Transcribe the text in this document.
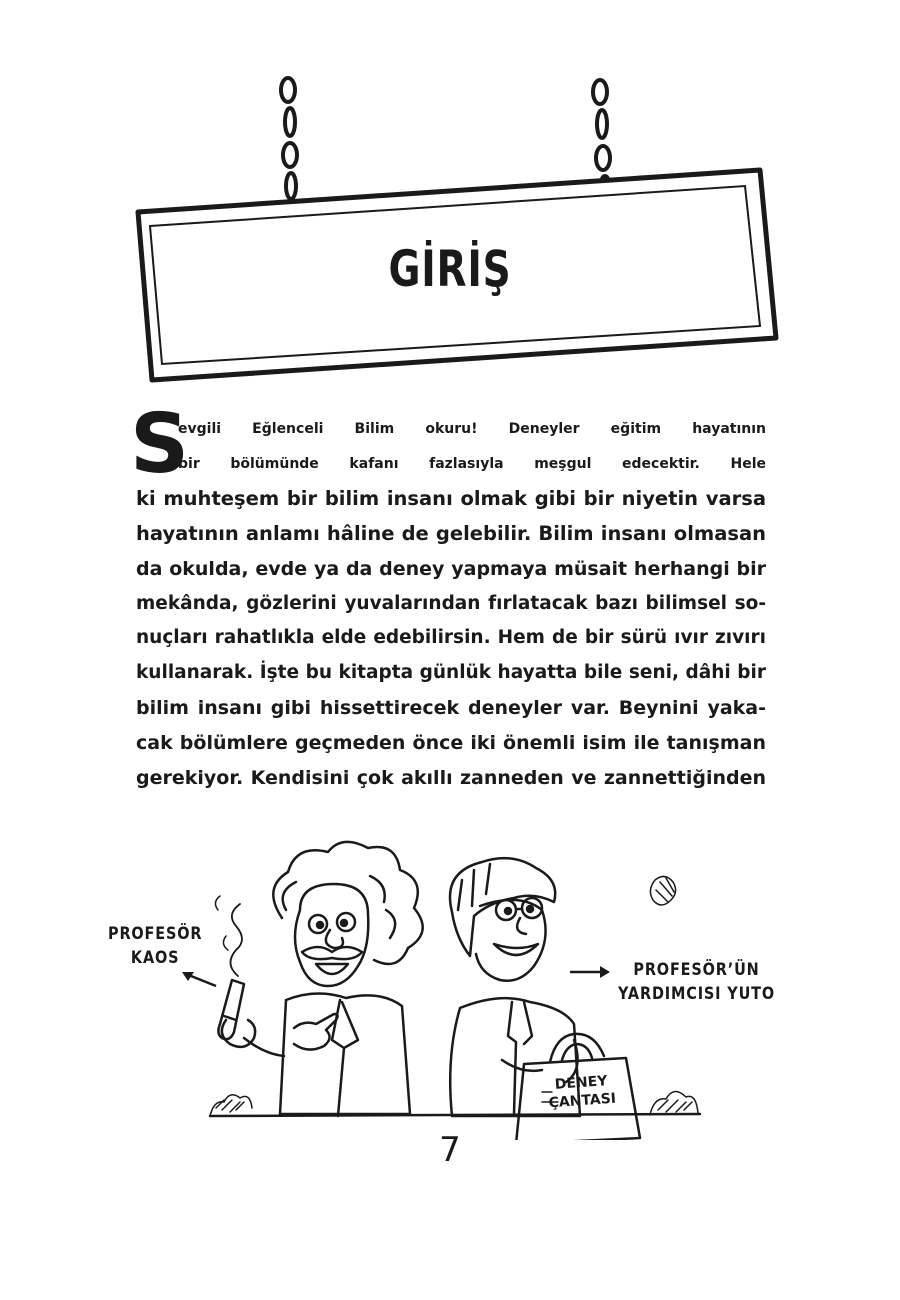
GİRİŞ
S
evgili Eğlenceli Bilim okuru! Deneyler eğitim hayatının
bir bölümünde kafanı fazlasıyla meşgul edecektir. Hele
ki muhteşem bir bilim insanı olmak gibi bir niyetin varsa
hayatının anlamı hâline de gelebilir. Bilim insanı olmasan
da okulda, evde ya da deney yapmaya müsait herhangi bir
mekânda, gözlerini yuvalarından fırlatacak bazı bilimsel so-
nuçları rahatlıkla elde edebilirsin. Hem de bir sürü ıvır zıvırı
kullanarak. İşte bu kitapta günlük hayatta bile seni, dâhi bir
bilim insanı gibi hissettirecek deneyler var. Beynini yaka-
cak bölümlere geçmeden önce iki önemli isim ile tanışman
gerekiyor. Kendisini çok akıllı zanneden ve zannettiğinden
PROFESÖR
KAOS
PROFESÖR’ÜN
YARDIMCISI YUTO
DENEY
ÇANTASI
7
